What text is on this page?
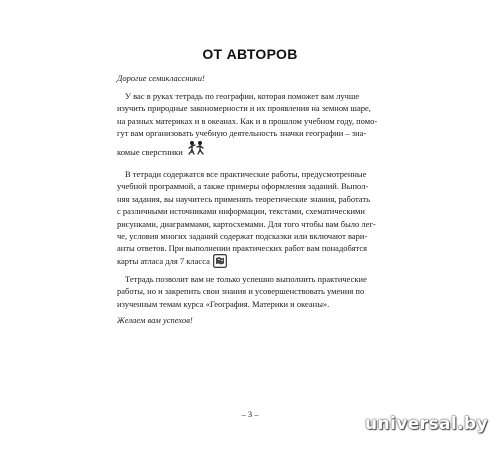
ОТ АВТОРОВ
Дорогие семиклассники!
У вас в руках тетрадь по географии, которая поможет вам лучше
изучить природные закономерности и их проявления на земном шаре,
на разных материках и в океанах. Как и в прошлом учебном году, помо-
гут вам организовать учебную деятельность значки географии – зна-
комые сверстники
В тетради содержатся все практические работы, предусмотренные
учебной программой, а также примеры оформления заданий. Выпол-
няя задания, вы научитесь применять теоретические знания, работать
с различными источниками информации, текстами, схематическими
рисунками, диаграммами, картосхемами. Для того чтобы вам было лег-
че, условия многих заданий содержат подсказки или включают вари-
анты ответов. При выполнении практических работ вам понадобятся
карты атласа для 7 класса
Тетрадь позволит вам не только успешно выполнить практические
работы, но и закрепить свои знания и усовершенствовать умения по
изученным темам курса «География. Материки и океаны».
Желаем вам успехов!
– 3 –	universal.by
